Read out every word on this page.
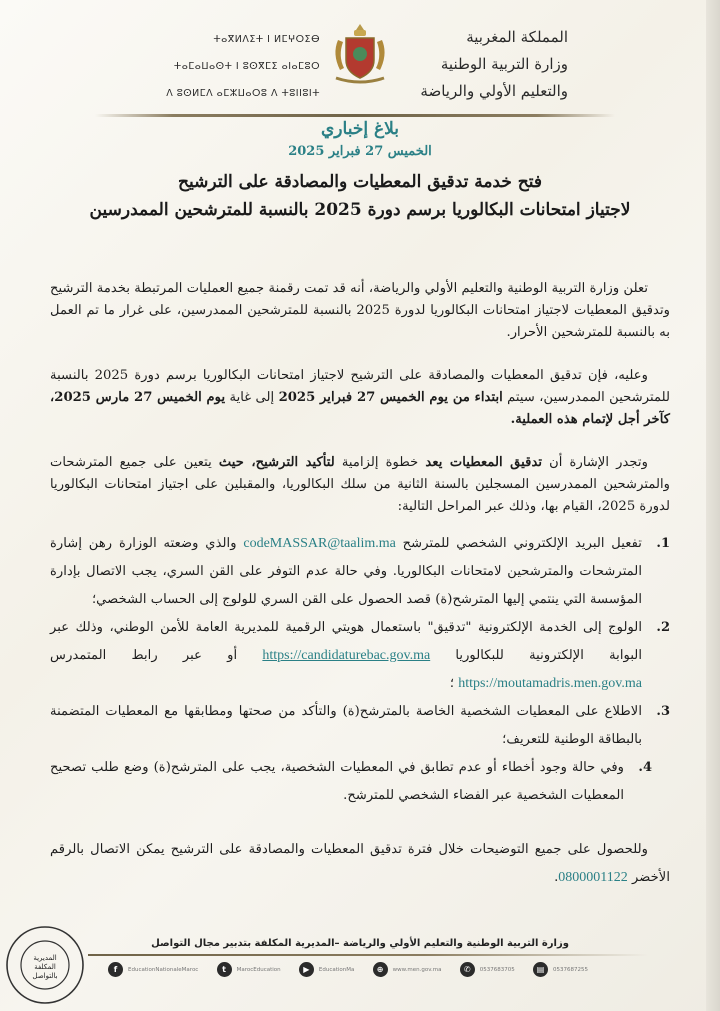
ⵜⴰⴳⵍⴷⵉⵜ ⵏ ⵍⵎⵖⵔⵉⴱ
ⵜⴰⵎⴰⵡⴰⵙⵜ ⵏ ⵓⵙⴳⵎⵉ ⴰⵏⴰⵎⵓⵔ
ⴷ ⵓⵙⵍⵎⴷ ⴰⵎⵣⵡⴰⵔⵓ ⴷ ⵜⵓⵏⵏⵓⵏⵜ
المملكة المغربية
وزارة التربية الوطنية
والتعليم الأولي والرياضة
بلاغ إخباري
الخميس 27 فبراير 2025
فتح خدمة تدقيق المعطيات والمصادقة على الترشيح
لاجتياز امتحانات البكالوريا برسم دورة 2025 بالنسبة للمترشحين الممدرسين

تعلن وزارة التربية الوطنية والتعليم الأولي والرياضة، أنه قد تمت رقمنة جميع العمليات المرتبطة بخدمة الترشيح وتدقيق المعطيات لاجتياز امتحانات البكالوريا لدورة 2025 بالنسبة للمترشحين الممدرسين، على غرار ما تم العمل به بالنسبة للمترشحين الأحرار.

وعليه، فإن تدقيق المعطيات والمصادقة على الترشيح لاجتياز امتحانات البكالوريا برسم دورة 2025 بالنسبة للمترشحين الممدرسين، سيتم ابتداء من يوم الخميس 27 فبراير 2025 إلى غاية يوم الخميس 27 مارس 2025، كآخر أجل لإتمام هذه العملية.

وتجدر الإشارة أن تدقيق المعطيات يعد خطوة إلزامية لتأكيد الترشيح، حيث يتعين على جميع المترشحات والمترشحين الممدرسين المسجلين بالسنة الثانية من سلك البكالوريا، والمقبلين على اجتياز امتحانات البكالوريا لدورة 2025، القيام بها، وذلك عبر المراحل التالية:

1.
تفعيل البريد الإلكتروني الشخصي للمترشح codeMASSAR@taalim.ma والذي وضعته الوزارة رهن إشارة المترشحات والمترشحين لامتحانات البكالوريا. وفي حالة عدم التوفر على القن السري، يجب الاتصال بإدارة المؤسسة التي ينتمي إليها المترشح(ة) قصد الحصول على القن السري للولوج إلى الحساب الشخصي؛
2.
الولوج إلى الخدمة الإلكترونية "تدقيق" باستعمال هويتي الرقمية للمديرية العامة للأمن الوطني، وذلك عبر البوابة الإلكترونية للبكالوريا https://candidaturebac.gov.ma أو عبر رابط المتمدرس https://moutamadris.men.gov.ma ؛
3.
الاطلاع على المعطيات الشخصية الخاصة بالمترشح(ة) والتأكد من صحتها ومطابقها مع المعطيات المتضمنة بالبطاقة الوطنية للتعريف؛
4.
وفي حالة وجود أخطاء أو عدم تطابق في المعطيات الشخصية، يجب على المترشح(ة) وضع طلب تصحيح المعطيات الشخصية عبر الفضاء الشخصي للمترشح.

وللحصول على جميع التوضيحات خلال فترة تدقيق المعطيات والمصادقة على الترشيح يمكن الاتصال بالرقم الأخضر 0800001122.

المديرية
المكلفة
بالتواصل
وزارة التربية الوطنية والتعليم الأولي والرياضة –المديرية المكلفة بتدبير مجال التواصل
f	EducationNationaleMaroc	t	MarocEducation	▶	EducationMa	⊕	www.men.gov.ma	✆	0537683705	▤	0537687255
